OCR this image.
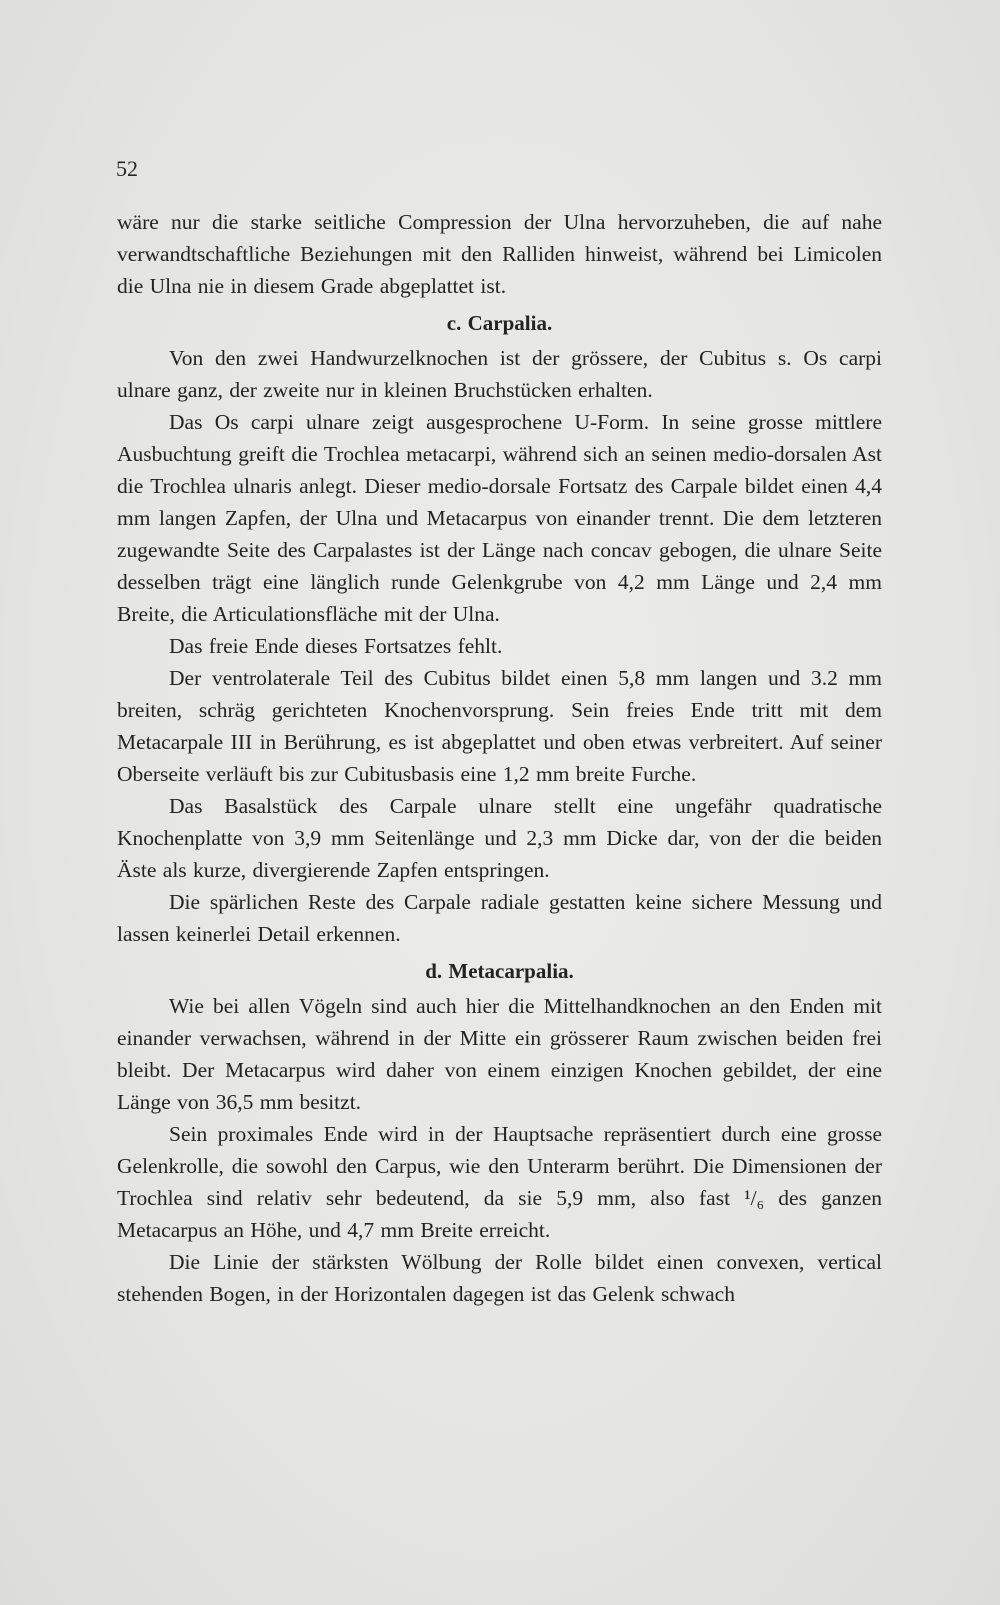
52

wäre nur die starke seitliche Compression der Ulna hervorzuheben, die auf nahe verwandtschaftliche Beziehungen mit den Ralliden hinweist, während bei Limicolen die Ulna nie in diesem Grade abgeplattet ist.

c. Carpalia.

Von den zwei Handwurzelknochen ist der grössere, der Cubitus s. Os carpi ulnare ganz, der zweite nur in kleinen Bruchstücken erhalten.

Das Os carpi ulnare zeigt ausgesprochene U-Form. In seine grosse mittlere Ausbuchtung greift die Trochlea metacarpi, während sich an seinen medio-dorsalen Ast die Trochlea ulnaris anlegt. Dieser medio-dorsale Fortsatz des Carpale bildet einen 4,4 mm langen Zapfen, der Ulna und Metacarpus von einander trennt. Die dem letzteren zugewandte Seite des Carpalastes ist der Länge nach concav gebogen, die ulnare Seite desselben trägt eine länglich runde Gelenkgrube von 4,2 mm Länge und 2,4 mm Breite, die Articulationsfläche mit der Ulna.

Das freie Ende dieses Fortsatzes fehlt.

Der ventrolaterale Teil des Cubitus bildet einen 5,8 mm langen und 3.2 mm breiten, schräg gerichteten Knochenvorsprung. Sein freies Ende tritt mit dem Metacarpale III in Berührung, es ist abgeplattet und oben etwas verbreitert. Auf seiner Oberseite verläuft bis zur Cubitusbasis eine 1,2 mm breite Furche.

Das Basalstück des Carpale ulnare stellt eine ungefähr quadratische Knochenplatte von 3,9 mm Seitenlänge und 2,3 mm Dicke dar, von der die beiden Äste als kurze, divergierende Zapfen entspringen.

Die spärlichen Reste des Carpale radiale gestatten keine sichere Messung und lassen keinerlei Detail erkennen.

d. Metacarpalia.

Wie bei allen Vögeln sind auch hier die Mittelhandknochen an den Enden mit einander verwachsen, während in der Mitte ein grösserer Raum zwischen beiden frei bleibt. Der Metacarpus wird daher von einem einzigen Knochen gebildet, der eine Länge von 36,5 mm besitzt.

Sein proximales Ende wird in der Hauptsache repräsentiert durch eine grosse Gelenkrolle, die sowohl den Carpus, wie den Unterarm berührt. Die Dimensionen der Trochlea sind relativ sehr bedeutend, da sie 5,9 mm, also fast ¹/₆ des ganzen Metacarpus an Höhe, und 4,7 mm Breite erreicht.

Die Linie der stärksten Wölbung der Rolle bildet einen convexen, vertical stehenden Bogen, in der Horizontalen dagegen ist das Gelenk schwach
